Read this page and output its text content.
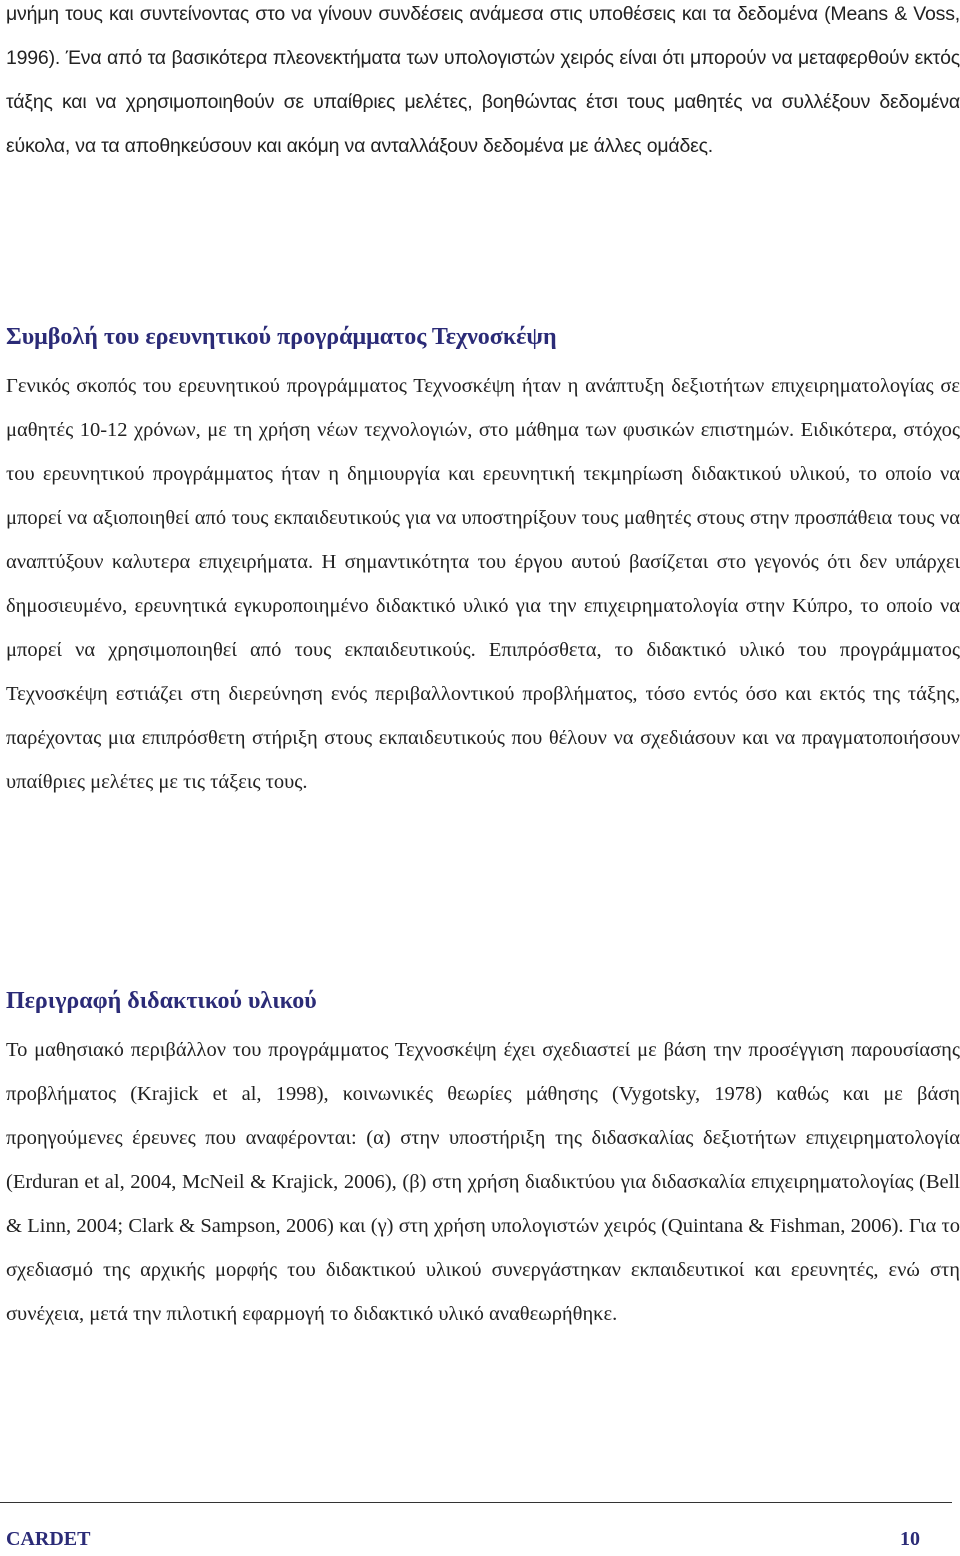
μνήμη τους και συντείνοντας στο να γίνουν συνδέσεις ανάμεσα στις υποθέσεις και τα δεδομένα (Means & Voss, 1996). Ένα από τα βασικότερα πλεονεκτήματα των υπολογιστών χειρός είναι ότι μπορούν να μεταφερθούν εκτός τάξης και να χρησιμοποιηθούν σε υπαίθριες μελέτες, βοηθώντας έτσι τους μαθητές να συλλέξουν δεδομένα εύκολα, να τα αποθηκεύσουν και ακόμη να ανταλλάξουν δεδομένα με άλλες ομάδες.

Συμβολή του ερευνητικού προγράμματος Τεχνοσκέψη

Γενικός σκοπός του ερευνητικού προγράμματος Τεχνοσκέψη ήταν η ανάπτυξη δεξιοτήτων επιχειρηματολογίας σε μαθητές 10-12 χρόνων, με τη χρήση νέων τεχνολογιών, στο μάθημα των φυσικών επιστημών. Ειδικότερα, στόχος του ερευνητικού προγράμματος ήταν η δημιουργία και ερευνητική τεκμηρίωση διδακτικού υλικού, το οποίο να μπορεί να αξιοποιηθεί από τους εκπαιδευτικούς για να υποστηρίξουν τους μαθητές στους στην προσπάθεια τους να αναπτύξουν καλυτερα επιχειρήματα. Η σημαντικότητα του έργου αυτού βασίζεται στο γεγονός ότι δεν υπάρχει δημοσιευμένο, ερευνητικά εγκυροποιημένο διδακτικό υλικό για την επιχειρηματολογία στην Κύπρο, το οποίο να μπορεί να χρησιμοποιηθεί από τους εκπαιδευτικούς. Επιπρόσθετα, το διδακτικό υλικό του προγράμματος Τεχνοσκέψη εστιάζει στη διερεύνηση ενός περιβαλλοντικού προβλήματος, τόσο εντός όσο και εκτός της τάξης, παρέχοντας μια επιπρόσθετη στήριξη στους εκπαιδευτικούς που θέλουν να σχεδιάσουν και να πραγματοποιήσουν υπαίθριες μελέτες με τις τάξεις τους.

Περιγραφή διδακτικού υλικού

Το μαθησιακό περιβάλλον του προγράμματος Τεχνοσκέψη έχει σχεδιαστεί με βάση την προσέγγιση παρουσίασης προβλήματος (Krajick et al, 1998), κοινωνικές θεωρίες μάθησης (Vygotsky, 1978) καθώς και με βάση προηγούμενες έρευνες που αναφέρονται: (α) στην υποστήριξη της διδασκαλίας δεξιοτήτων επιχειρηματολογία (Erduran et al, 2004, McNeil & Krajick, 2006), (β) στη χρήση διαδικτύου για διδασκαλία επιχειρηματολογίας (Bell & Linn, 2004; Clark & Sampson, 2006) και (γ) στη χρήση υπολογιστών χειρός (Quintana & Fishman, 2006). Για το σχεδιασμό της αρχικής μορφής του διδακτικού υλικού συνεργάστηκαν εκπαιδευτικοί και ερευνητές, ενώ στη συνέχεια, μετά την πιλοτική εφαρμογή το διδακτικό υλικό αναθεωρήθηκε.

CARDET	10
